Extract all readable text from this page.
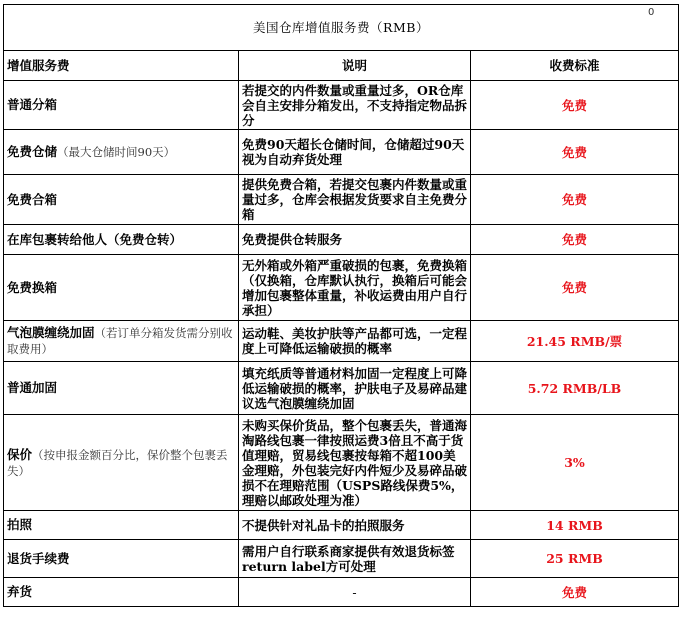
0
美国仓库增值服务费（RMB）		
增值服务费	说明	收费标准
普通分箱	若提交的内件数量或重量过多，OR仓库会自主安排分箱发出，不支持指定物品拆分	免费
免费仓储（最大仓储时间90天）	免费90天超长仓储时间，仓储超过90天视为自动弃货处理	免费
免费合箱	提供免费合箱，若提交包裹内件数量或重量过多，仓库会根据发货要求自主免费分箱	免费
在库包裹转给他人（免费仓转）	免费提供仓转服务	免费
免费换箱	无外箱或外箱严重破损的包裹，免费换箱（仅换箱，仓库默认执行，换箱后可能会增加包裹整体重量，补收运费由用户自行承担）	免费
气泡膜缠绕加固（若订单分箱发货需分别收取费用）	运动鞋、美妆护肤等产品都可选，一定程度上可降低运输破损的概率	21.45 RMB/票
普通加固	填充纸质等普通材料加固一定程度上可降低运输破损的概率，护肤电子及易碎品建议选气泡膜缠绕加固	5.72 RMB/LB
保价（按申报金额百分比，保价整个包裹丢失）	未购买保价货品，整个包裹丢失，普通海淘路线包裹一律按照运费3倍且不高于货值理赔，贸易线包裹按每箱不超100美金理赔，外包装完好内件短少及易碎品破损不在理赔范围（USPS路线保费5%，理赔以邮政处理为准）	3%
拍照	不提供针对礼品卡的拍照服务	14 RMB
退货手续费	需用户自行联系商家提供有效退货标签return label方可处理	25 RMB
弃货	-	免费
